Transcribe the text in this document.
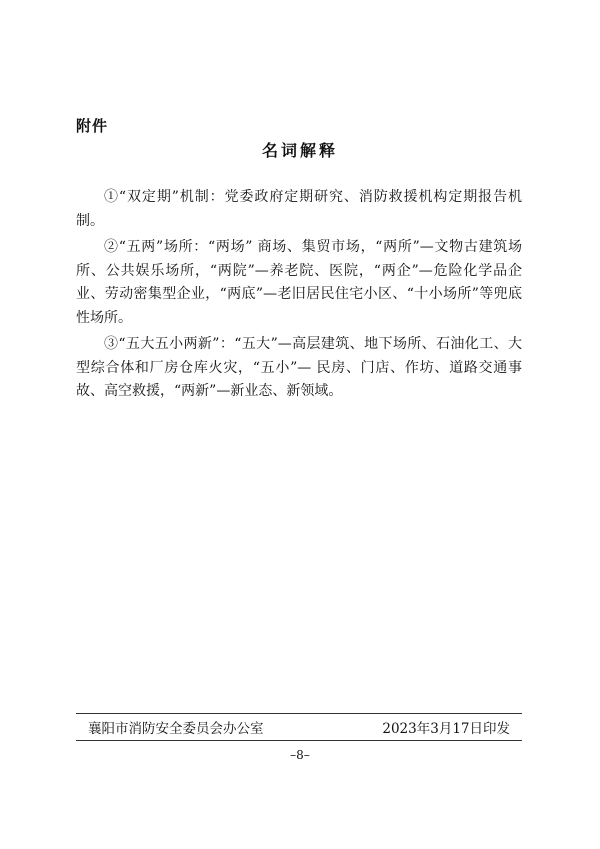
附件
名词解释

①“双定期”机制：党委政府定期研究、消防救援机构定期报告机制。

②“五两”场所：“两场” 商场、集贸市场，“两所”—文物古建筑场所、公共娱乐场所，“两院”—养老院、医院，“两企”—危险化学品企业、劳动密集型企业，“两底”—老旧居民住宅小区、“十小场所”等兜底性场所。

③“五大五小两新”：“五大”—高层建筑、地下场所、石油化工、大型综合体和厂房仓库火灾，“五小”— 民房、门店、作坊、道路交通事故、高空救援，“两新”—新业态、新领域。

襄阳市消防安全委员会办公室	2023年3月17日印发
–8–
